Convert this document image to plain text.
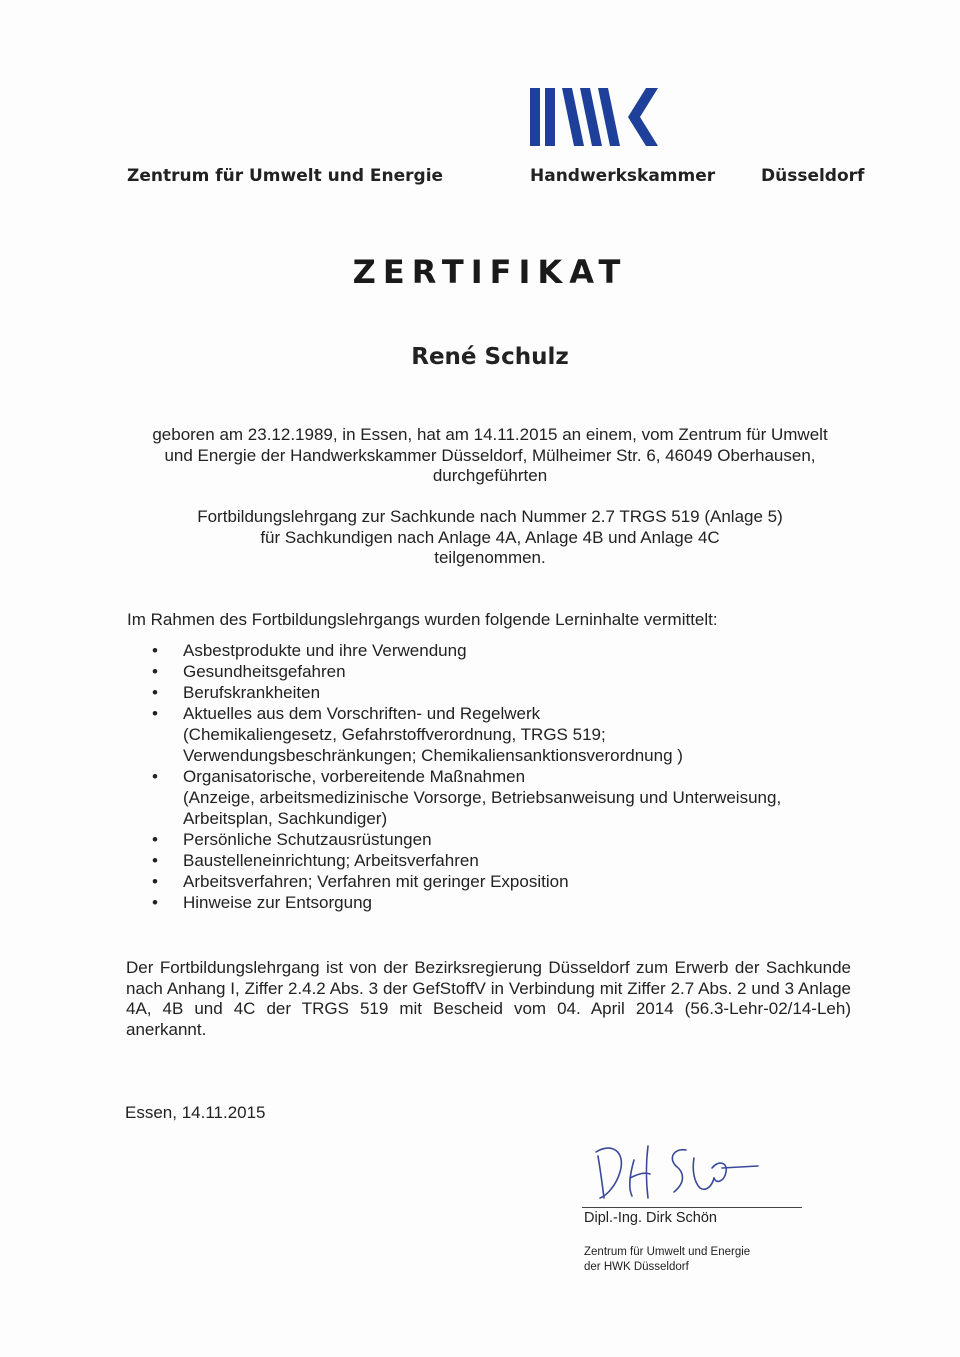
Zentrum für Umwelt und Energie	Handwerkskammer	Düsseldorf
ZERTIFIKAT
René Schulz
geboren am 23.12.1989, in Essen, hat am 14.11.2015 an einem, vom Zentrum für Umwelt
und Energie der Handwerkskammer Düsseldorf, Mülheimer Str. 6, 46049 Oberhausen,
durchgeführten
Fortbildungslehrgang zur Sachkunde nach Nummer 2.7 TRGS 519 (Anlage 5)
für Sachkundigen nach Anlage 4A, Anlage 4B und Anlage 4C
teilgenommen.
Im Rahmen des Fortbildungslehrgangs wurden folgende Lerninhalte vermittelt:
• Asbestprodukte und ihre Verwendung
• Gesundheitsgefahren
• Berufskrankheiten
• Aktuelles aus dem Vorschriften- und Regelwerk
(Chemikaliengesetz, Gefahrstoffverordnung, TRGS 519;
Verwendungsbeschränkungen; Chemikaliensanktionsverordnung )
• Organisatorische, vorbereitende Maßnahmen
(Anzeige, arbeitsmedizinische Vorsorge, Betriebsanweisung und Unterweisung,
Arbeitsplan, Sachkundiger)
• Persönliche Schutzausrüstungen
• Baustelleneinrichtung; Arbeitsverfahren
• Arbeitsverfahren; Verfahren mit geringer Exposition
• Hinweise zur Entsorgung
Der Fortbildungslehrgang ist von der Bezirksregierung Düsseldorf zum Erwerb der Sachkunde nach Anhang I, Ziffer 2.4.2 Abs. 3 der GefStoffV in Verbindung mit Ziffer 2.7 Abs. 2 und 3 Anlage 4A, 4B und 4C der TRGS 519 mit Bescheid vom 04. April 2014 (56.3-Lehr-02/14-Leh) anerkannt.
Essen, 14.11.2015
Dipl.-Ing. Dirk Schön
Zentrum für Umwelt und Energie
der HWK Düsseldorf
